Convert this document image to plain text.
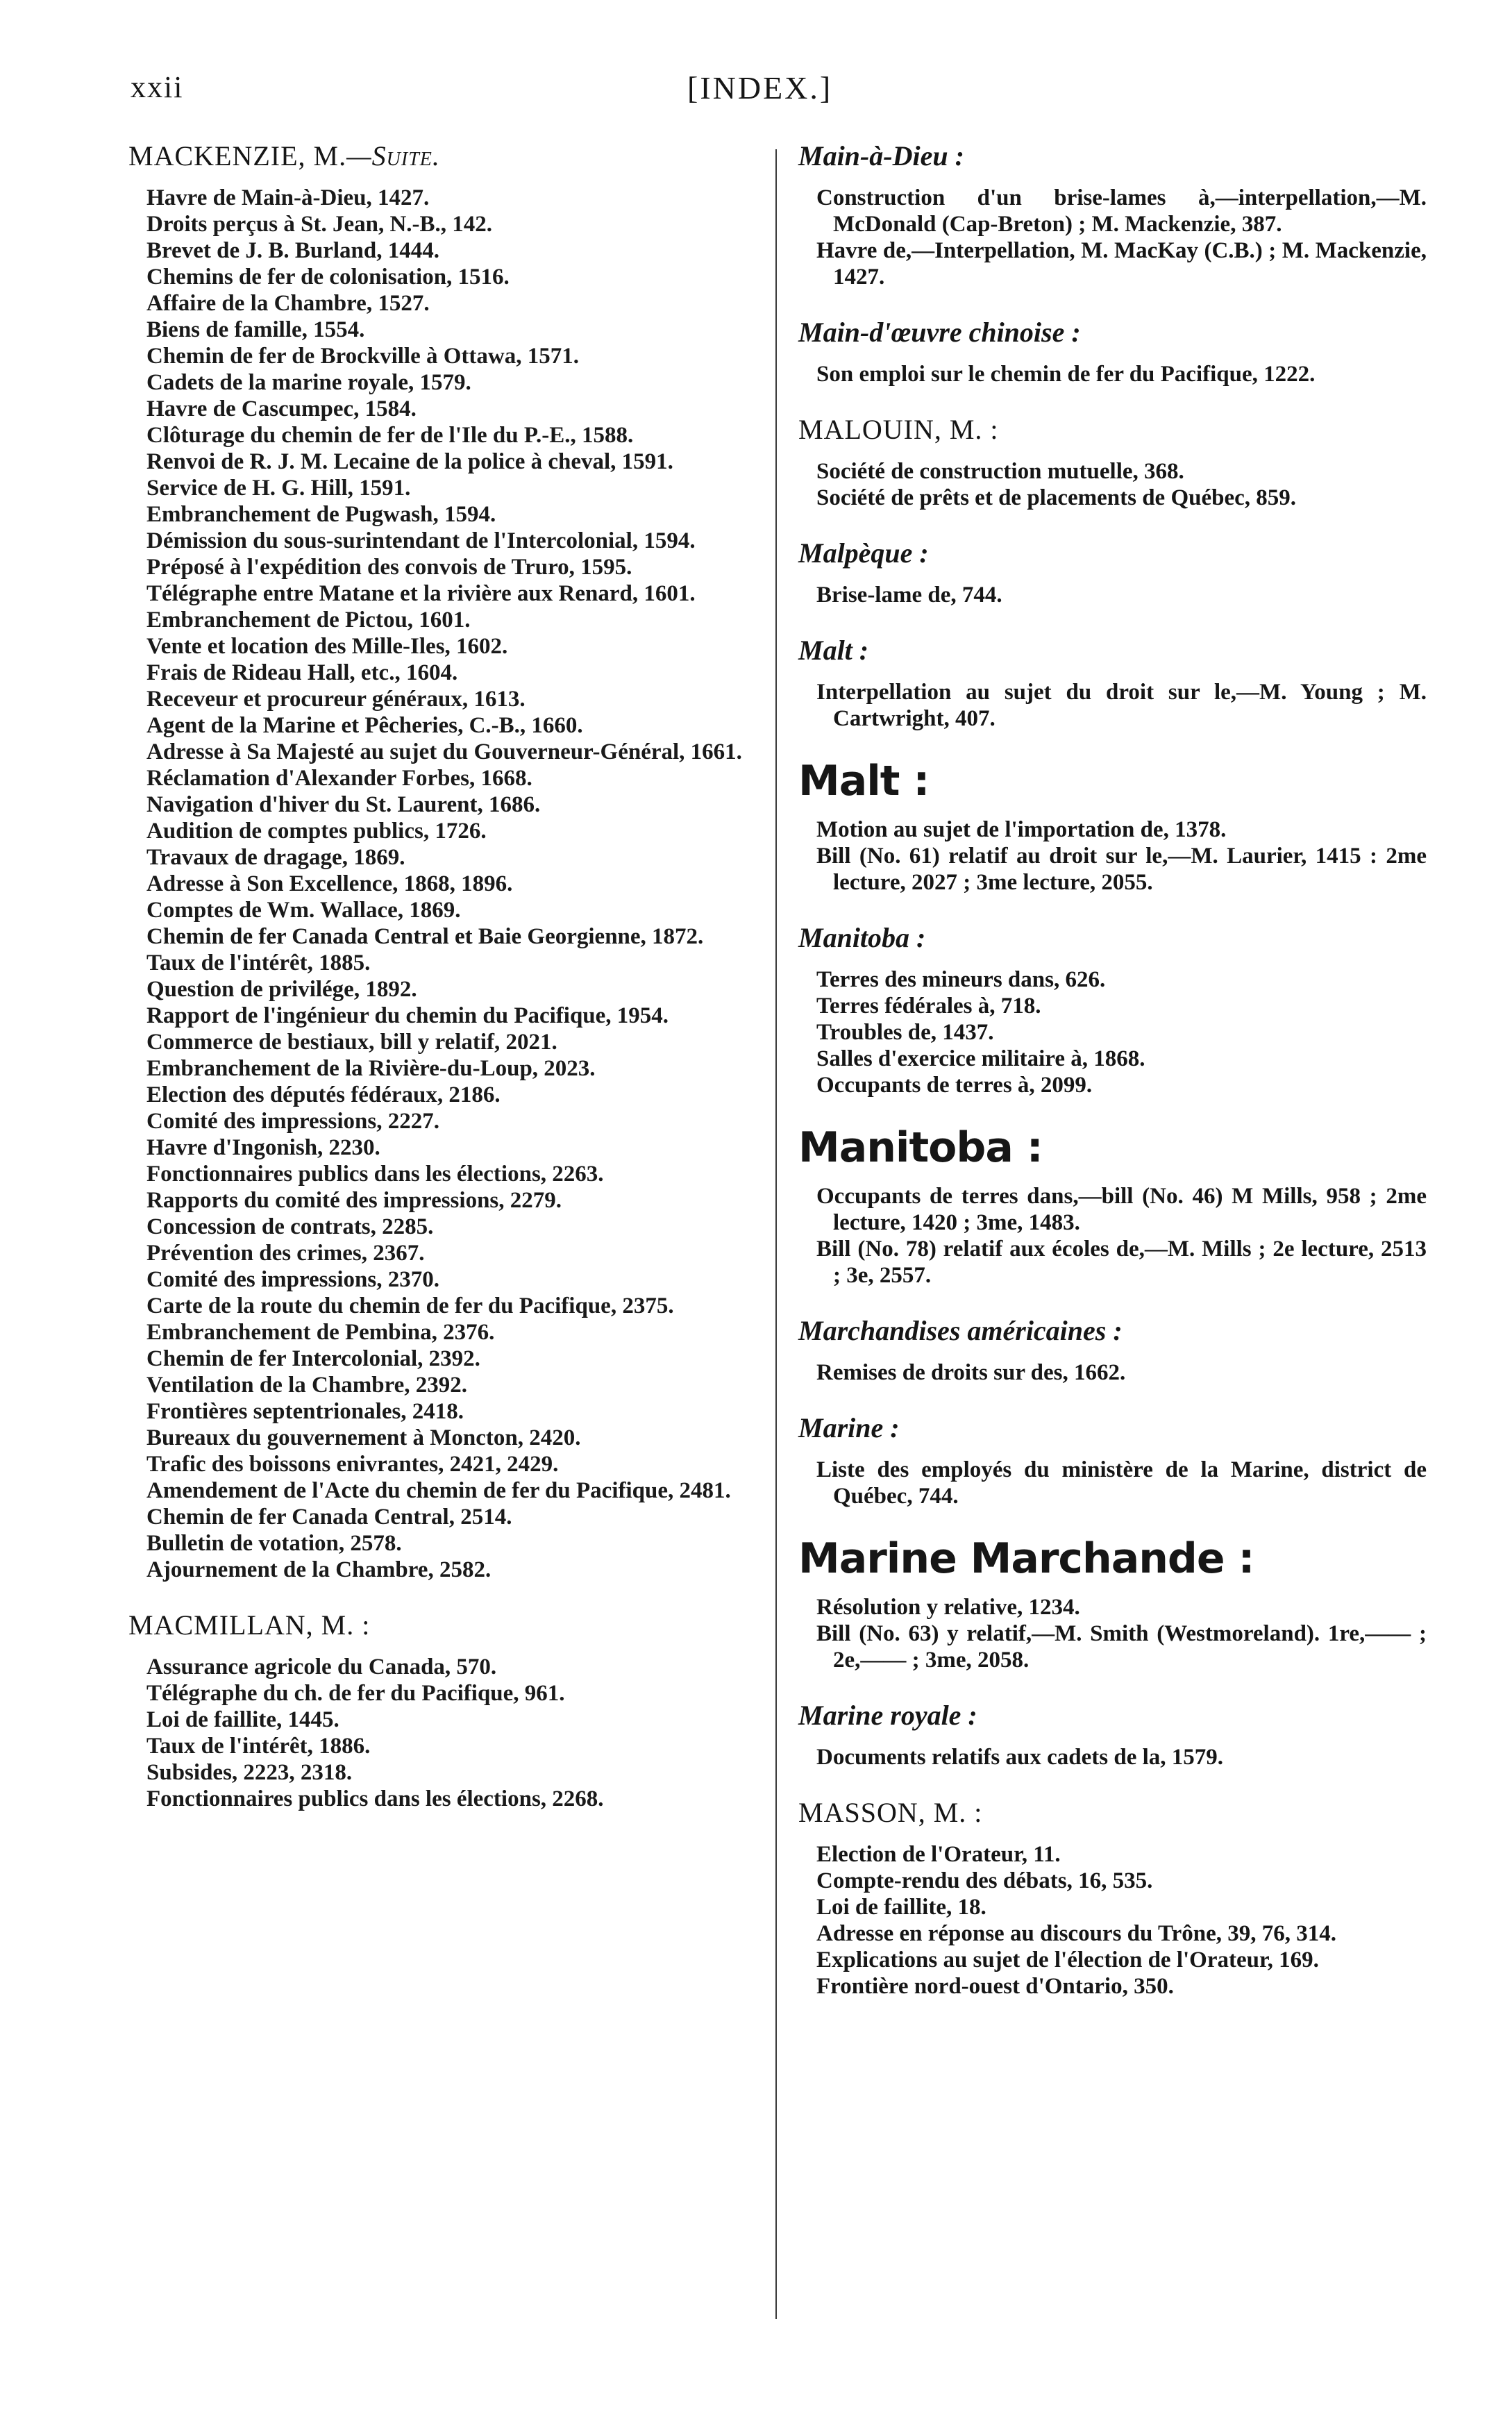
xxii	[INDEX.]
MACKENZIE, M.—Suite.
Havre de Main-à-Dieu, 1427.
Droits perçus à St. Jean, N.-B., 142.
Brevet de J. B. Burland, 1444.
Chemins de fer de colonisation, 1516.
Affaire de la Chambre, 1527.
Biens de famille, 1554.
Chemin de fer de Brockville à Ottawa, 1571.
Cadets de la marine royale, 1579.
Havre de Cascumpec, 1584.
Clôturage du chemin de fer de l'Ile du P.-E., 1588.
Renvoi de R. J. M. Lecaine de la police à cheval, 1591.
Service de H. G. Hill, 1591.
Embranchement de Pugwash, 1594.
Démission du sous-surintendant de l'Intercolonial, 1594.
Préposé à l'expédition des convois de Truro, 1595.
Télégraphe entre Matane et la rivière aux Renard, 1601.
Embranchement de Pictou, 1601.
Vente et location des Mille-Iles, 1602.
Frais de Rideau Hall, etc., 1604.
Receveur et procureur généraux, 1613.
Agent de la Marine et Pêcheries, C.-B., 1660.
Adresse à Sa Majesté au sujet du Gouverneur-Général, 1661.
Réclamation d'Alexander Forbes, 1668.
Navigation d'hiver du St. Laurent, 1686.
Audition de comptes publics, 1726.
Travaux de dragage, 1869.
Adresse à Son Excellence, 1868, 1896.
Comptes de Wm. Wallace, 1869.
Chemin de fer Canada Central et Baie Georgienne, 1872.
Taux de l'intérêt, 1885.
Question de privilége, 1892.
Rapport de l'ingénieur du chemin du Pacifique, 1954.
Commerce de bestiaux, bill y relatif, 2021.
Embranchement de la Rivière-du-Loup, 2023.
Election des députés fédéraux, 2186.
Comité des impressions, 2227.
Havre d'Ingonish, 2230.
Fonctionnaires publics dans les élections, 2263.
Rapports du comité des impressions, 2279.
Concession de contrats, 2285.
Prévention des crimes, 2367.
Comité des impressions, 2370.
Carte de la route du chemin de fer du Pacifique, 2375.
Embranchement de Pembina, 2376.
Chemin de fer Intercolonial, 2392.
Ventilation de la Chambre, 2392.
Frontières septentrionales, 2418.
Bureaux du gouvernement à Moncton, 2420.
Trafic des boissons enivrantes, 2421, 2429.
Amendement de l'Acte du chemin de fer du Pacifique, 2481.
Chemin de fer Canada Central, 2514.
Bulletin de votation, 2578.
Ajournement de la Chambre, 2582.
MACMILLAN, M. :
Assurance agricole du Canada, 570.
Télégraphe du ch. de fer du Pacifique, 961.
Loi de faillite, 1445.
Taux de l'intérêt, 1886.
Subsides, 2223, 2318.
Fonctionnaires publics dans les élections, 2268.
Main-à-Dieu :
Construction d'un brise-lames à,—interpellation,—M. McDonald (Cap-Breton) ; M. Mackenzie, 387.
Havre de,—Interpellation, M. MacKay (C.B.) ; M. Mackenzie, 1427.
Main-d'œuvre chinoise :
Son emploi sur le chemin de fer du Pacifique, 1222.
MALOUIN, M. :
Société de construction mutuelle, 368.
Société de prêts et de placements de Québec, 859.
Malpèque :
Brise-lame de, 744.
Malt :
Interpellation au sujet du droit sur le,—M. Young ; M. Cartwright, 407.
Malt :
Motion au sujet de l'importation de, 1378.
Bill (No. 61) relatif au droit sur le,—M. Laurier, 1415 : 2me lecture, 2027 ; 3me lecture, 2055.
Manitoba :
Terres des mineurs dans, 626.
Terres fédérales à, 718.
Troubles de, 1437.
Salles d'exercice militaire à, 1868.
Occupants de terres à, 2099.
Manitoba :
Occupants de terres dans,—bill (No. 46) M Mills, 958 ; 2me lecture, 1420 ; 3me, 1483.
Bill (No. 78) relatif aux écoles de,—M. Mills ; 2e lecture, 2513 ; 3e, 2557.
Marchandises américaines :
Remises de droits sur des, 1662.
Marine :
Liste des employés du ministère de la Marine, district de Québec, 744.
Marine Marchande :
Résolution y relative, 1234.
Bill (No. 63) y relatif,—M. Smith (Westmoreland). 1re,—— ; 2e,—— ; 3me, 2058.
Marine royale :
Documents relatifs aux cadets de la, 1579.
MASSON, M. :
Election de l'Orateur, 11.
Compte-rendu des débats, 16, 535.
Loi de faillite, 18.
Adresse en réponse au discours du Trône, 39, 76, 314.
Explications au sujet de l'élection de l'Orateur, 169.
Frontière nord-ouest d'Ontario, 350.
